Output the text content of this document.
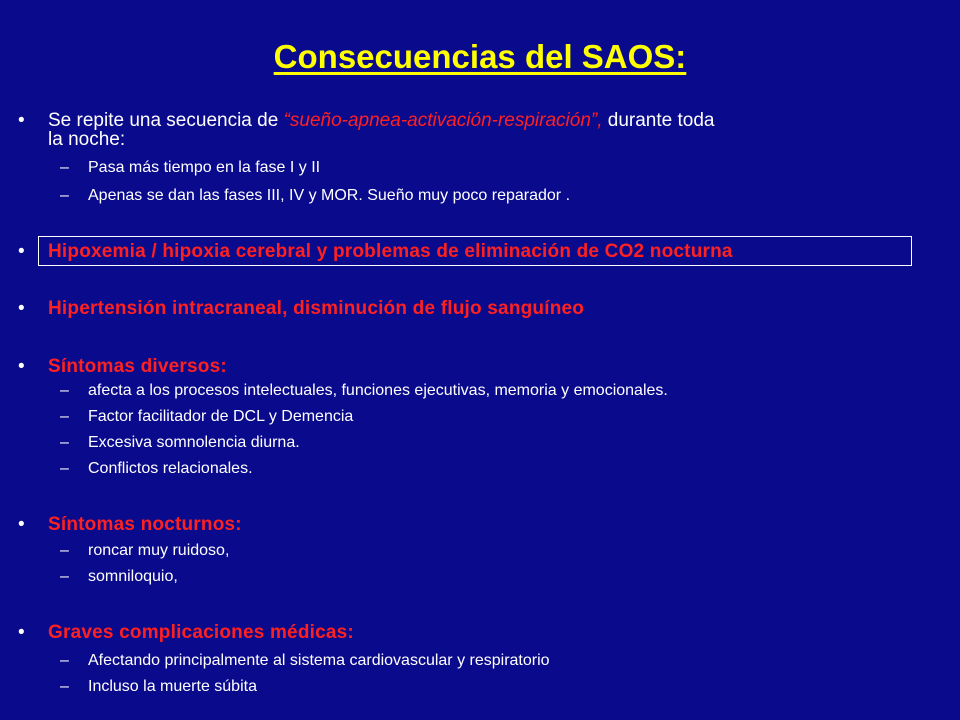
Consecuencias del SAOS:
•	Se repite una secuencia de “sueño-apnea-activación-respiración”, durante toda
la noche:
– Pasa más tiempo en la fase I y II
– Apenas se dan las fases III, IV y MOR. Sueño muy poco reparador .
•	Hipoxemia / hipoxia cerebral y problemas de eliminación de CO2 nocturna
•	Hipertensión intracraneal, disminución de flujo sanguíneo
•	Síntomas diversos:
– afecta a los procesos intelectuales, funciones ejecutivas, memoria y emocionales.
– Factor facilitador de DCL y Demencia
– Excesiva somnolencia diurna.
– Conflictos relacionales.
•	Síntomas nocturnos:
– roncar muy ruidoso,
– somniloquio,
•	Graves complicaciones médicas:
– Afectando principalmente al sistema cardiovascular y respiratorio
– Incluso la muerte súbita
